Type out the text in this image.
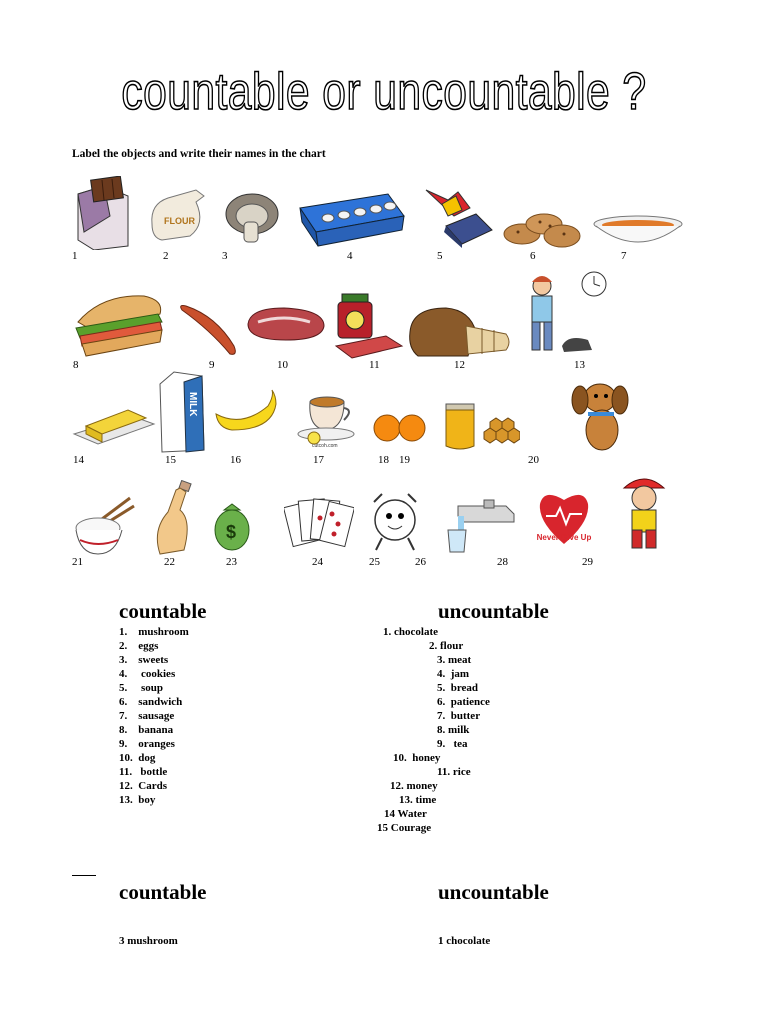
countable or uncountable ?
Label the objects and write their names in the chart
FLOUR
1	2	3	4	5	6	7
8	9	10	11	12	13
MILK
cutcoh.com
14	15	16	17	18 19	20
$	Never Give Up
21	22	23	24	25	26	28	29
countable	uncountable
1.    mushroom
2.    eggs
3.    sweets
4.     cookies
5.     soup
6.    sandwich
7.    sausage
8.    banana
9.    oranges
10.  dog
11.   bottle
12.  Cards
13.  boy
1. chocolate
2. flour
3. meat
4.  jam
5.  bread
6.  patience
7.  butter
8. milk
9.   tea
10.  honey
11. rice
12. money
13. time
14 Water
15 Courage
countable	uncountable
3 mushroom	1 chocolate
